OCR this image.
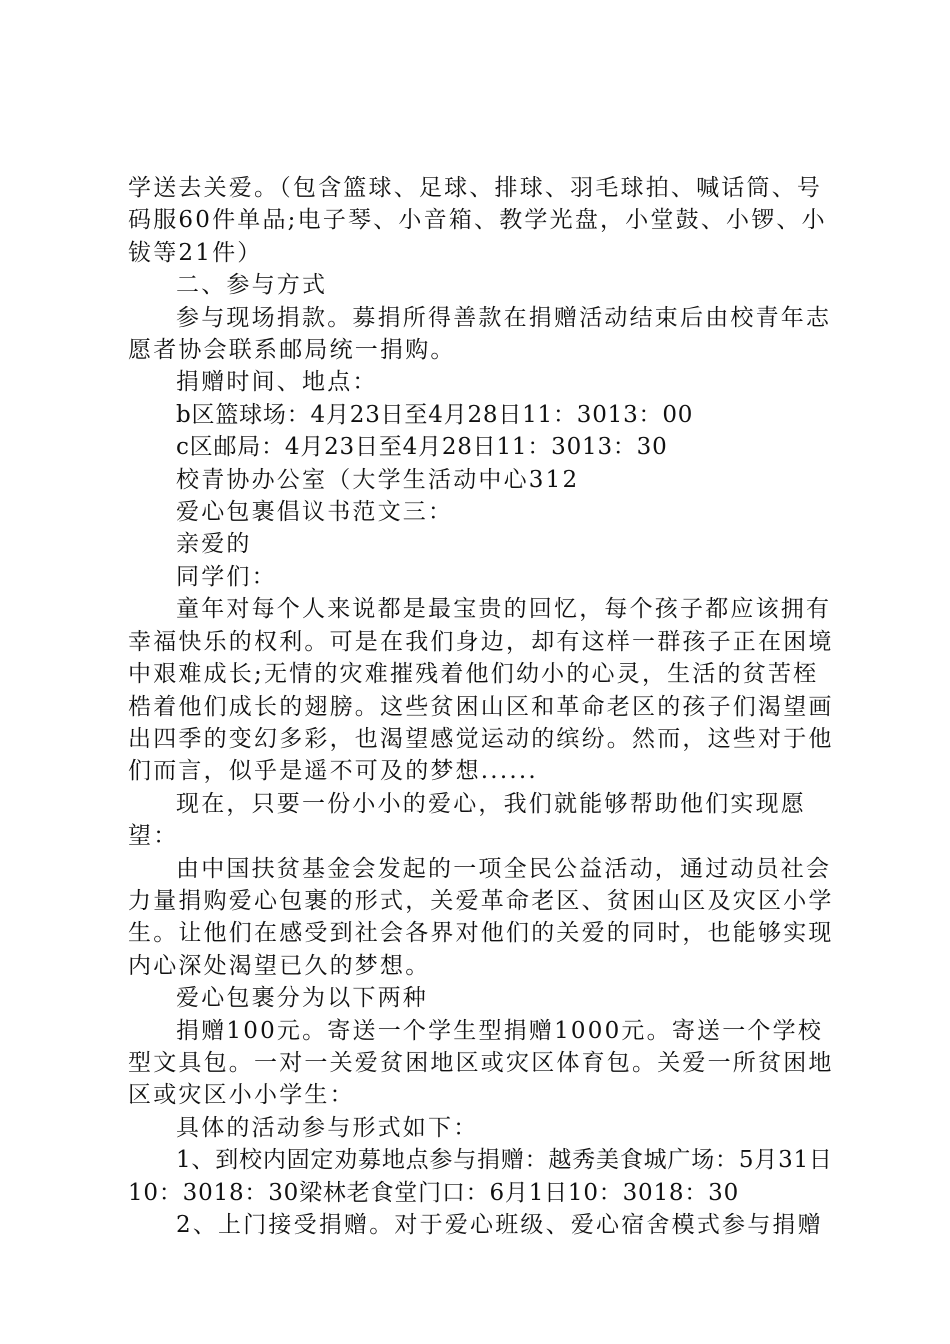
学送去关爱。（包含篮球、足球、排球、羽毛球拍、喊话筒、号码服60件单品;电子琴、小音箱、教学光盘，小堂鼓、小锣、小钹等21件）

二、参与方式

参与现场捐款。募捐所得善款在捐赠活动结束后由校青年志愿者协会联系邮局统一捐购。

捐赠时间、地点：

b区篮球场：4月23日至4月28日11：3013：00

c区邮局：4月23日至4月28日11：3013：30

校青协办公室（大学生活动中心312

爱心包裹倡议书范文三：

亲爱的

同学们：

童年对每个人来说都是最宝贵的回忆，每个孩子都应该拥有幸福快乐的权利。可是在我们身边，却有这样一群孩子正在困境中艰难成长;无情的灾难摧残着他们幼小的心灵，生活的贫苦桎梏着他们成长的翅膀。这些贫困山区和革命老区的孩子们渴望画出四季的变幻多彩，也渴望感觉运动的缤纷。然而，这些对于他们而言，似乎是遥不可及的梦想......

现在，只要一份小小的爱心，我们就能够帮助他们实现愿望：

由中国扶贫基金会发起的一项全民公益活动，通过动员社会力量捐购爱心包裹的形式，关爱革命老区、贫困山区及灾区小学生。让他们在感受到社会各界对他们的关爱的同时，也能够实现内心深处渴望已久的梦想。

爱心包裹分为以下两种

捐赠100元。寄送一个学生型捐赠1000元。寄送一个学校型文具包。一对一关爱贫困地区或灾区体育包。关爱一所贫困地区或灾区小小学生：

具体的活动参与形式如下：

1、到校内固定劝募地点参与捐赠：越秀美食城广场：5月31日10：3018：30梁林老食堂门口：6月1日10：3018：30

2、上门接受捐赠。对于爱心班级、爱心宿舍模式参与捐赠
